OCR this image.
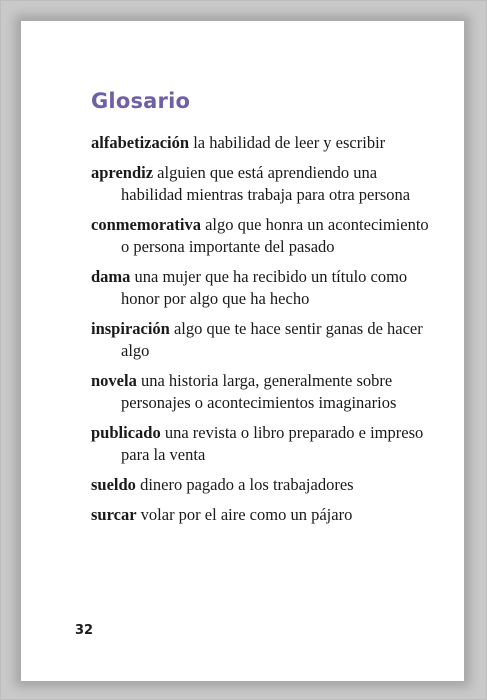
Glosario

alfabetización la habilidad de leer y escribir

aprendiz alguien que está aprendiendo una habilidad mientras trabaja para otra persona

conmemorativa algo que honra un acontecimiento o persona importante del pasado

dama una mujer que ha recibido un título como honor por algo que ha hecho

inspiración algo que te hace sentir ganas de hacer algo

novela una historia larga, generalmente sobre personajes o acontecimientos imaginarios

publicado una revista o libro preparado e impreso para la venta

sueldo dinero pagado a los trabajadores

surcar volar por el aire como un pájaro

32
